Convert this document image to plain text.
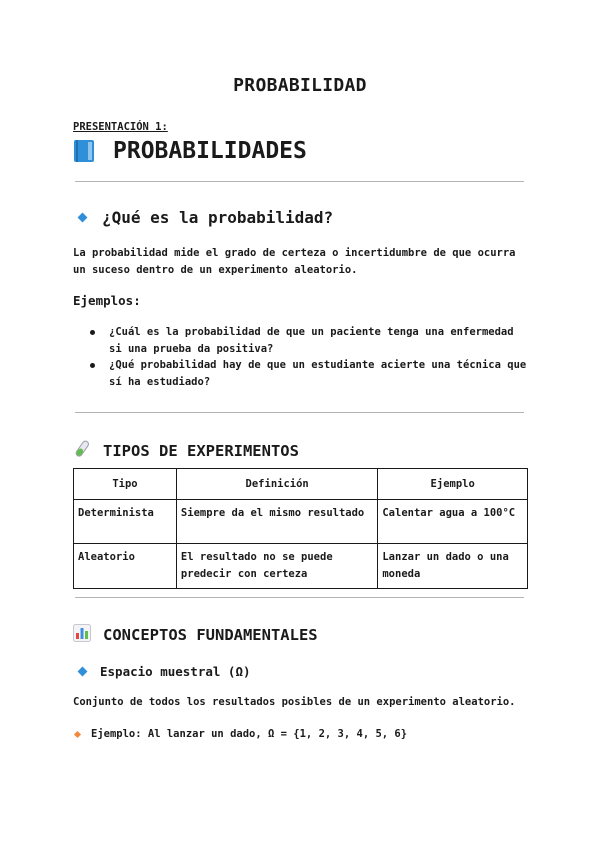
PROBABILIDAD
PRESENTACIÓN 1:
PROBABILIDADES
¿Qué es la probabilidad?
La probabilidad mide el grado de certeza o incertidumbre de que ocurra un suceso dentro de un experimento aleatorio.
Ejemplos:
¿Cuál es la probabilidad de que un paciente tenga una enfermedad si una prueba da positiva?
¿Qué probabilidad hay de que un estudiante acierte una técnica que sí ha estudiado?
TIPOS DE EXPERIMENTOS
Tipo	Definición	Ejemplo
Determinista	Siempre da el mismo resultado	Calentar agua a 100°C
Aleatorio	El resultado no se puede predecir con certeza	Lanzar un dado o una moneda
CONCEPTOS FUNDAMENTALES
Espacio muestral (Ω)
Conjunto de todos los resultados posibles de un experimento aleatorio.
Ejemplo: Al lanzar un dado, Ω = {1, 2, 3, 4, 5, 6}
